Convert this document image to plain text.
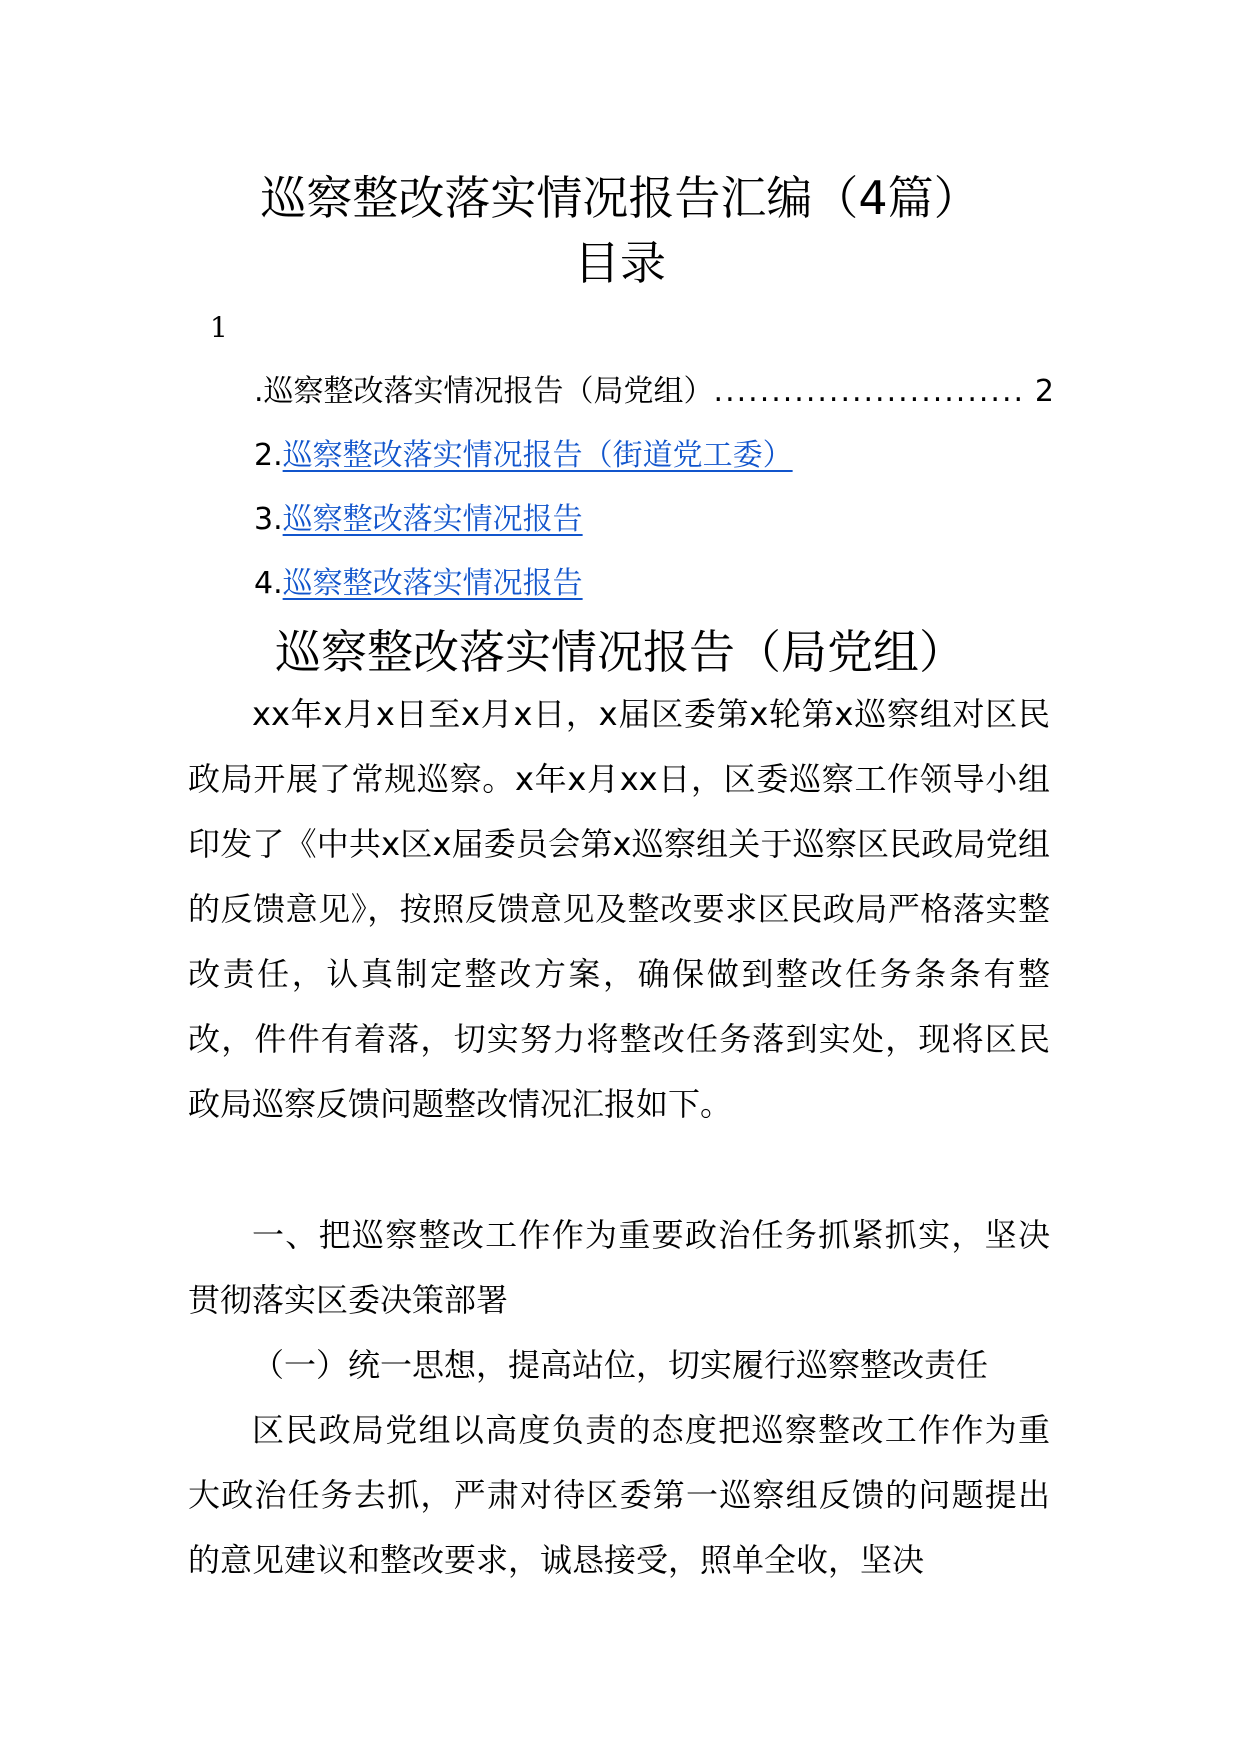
巡察整改落实情况报告汇编（4篇）
目录
1
.巡察整改落实情况报告（局党组） ........................... 2
2.巡察整改落实情况报告（街道党工委）
3.巡察整改落实情况报告
4.巡察整改落实情况报告
巡察整改落实情况报告（局党组）
xx年x月x日至x月x日，x届区委第x轮第x巡察组对区民政局开展了常规巡察。x年x月xx日，区委巡察工作领导小组印发了《中共x区x届委员会第x巡察组关于巡察区民政局党组的反馈意见》，按照反馈意见及整改要求区民政局严格落实整改责任，认真制定整改方案，确保做到整改任务条条有整改，件件有着落，切实努力将整改任务落到实处，现将区民政局巡察反馈问题整改情况汇报如下。
一、把巡察整改工作作为重要政治任务抓紧抓实，坚决贯彻落实区委决策部署
（一）统一思想，提高站位，切实履行巡察整改责任
区民政局党组以高度负责的态度把巡察整改工作作为重大政治任务去抓，严肃对待区委第一巡察组反馈的问题提出的意见建议和整改要求，诚恳接受，照单全收，坚决
